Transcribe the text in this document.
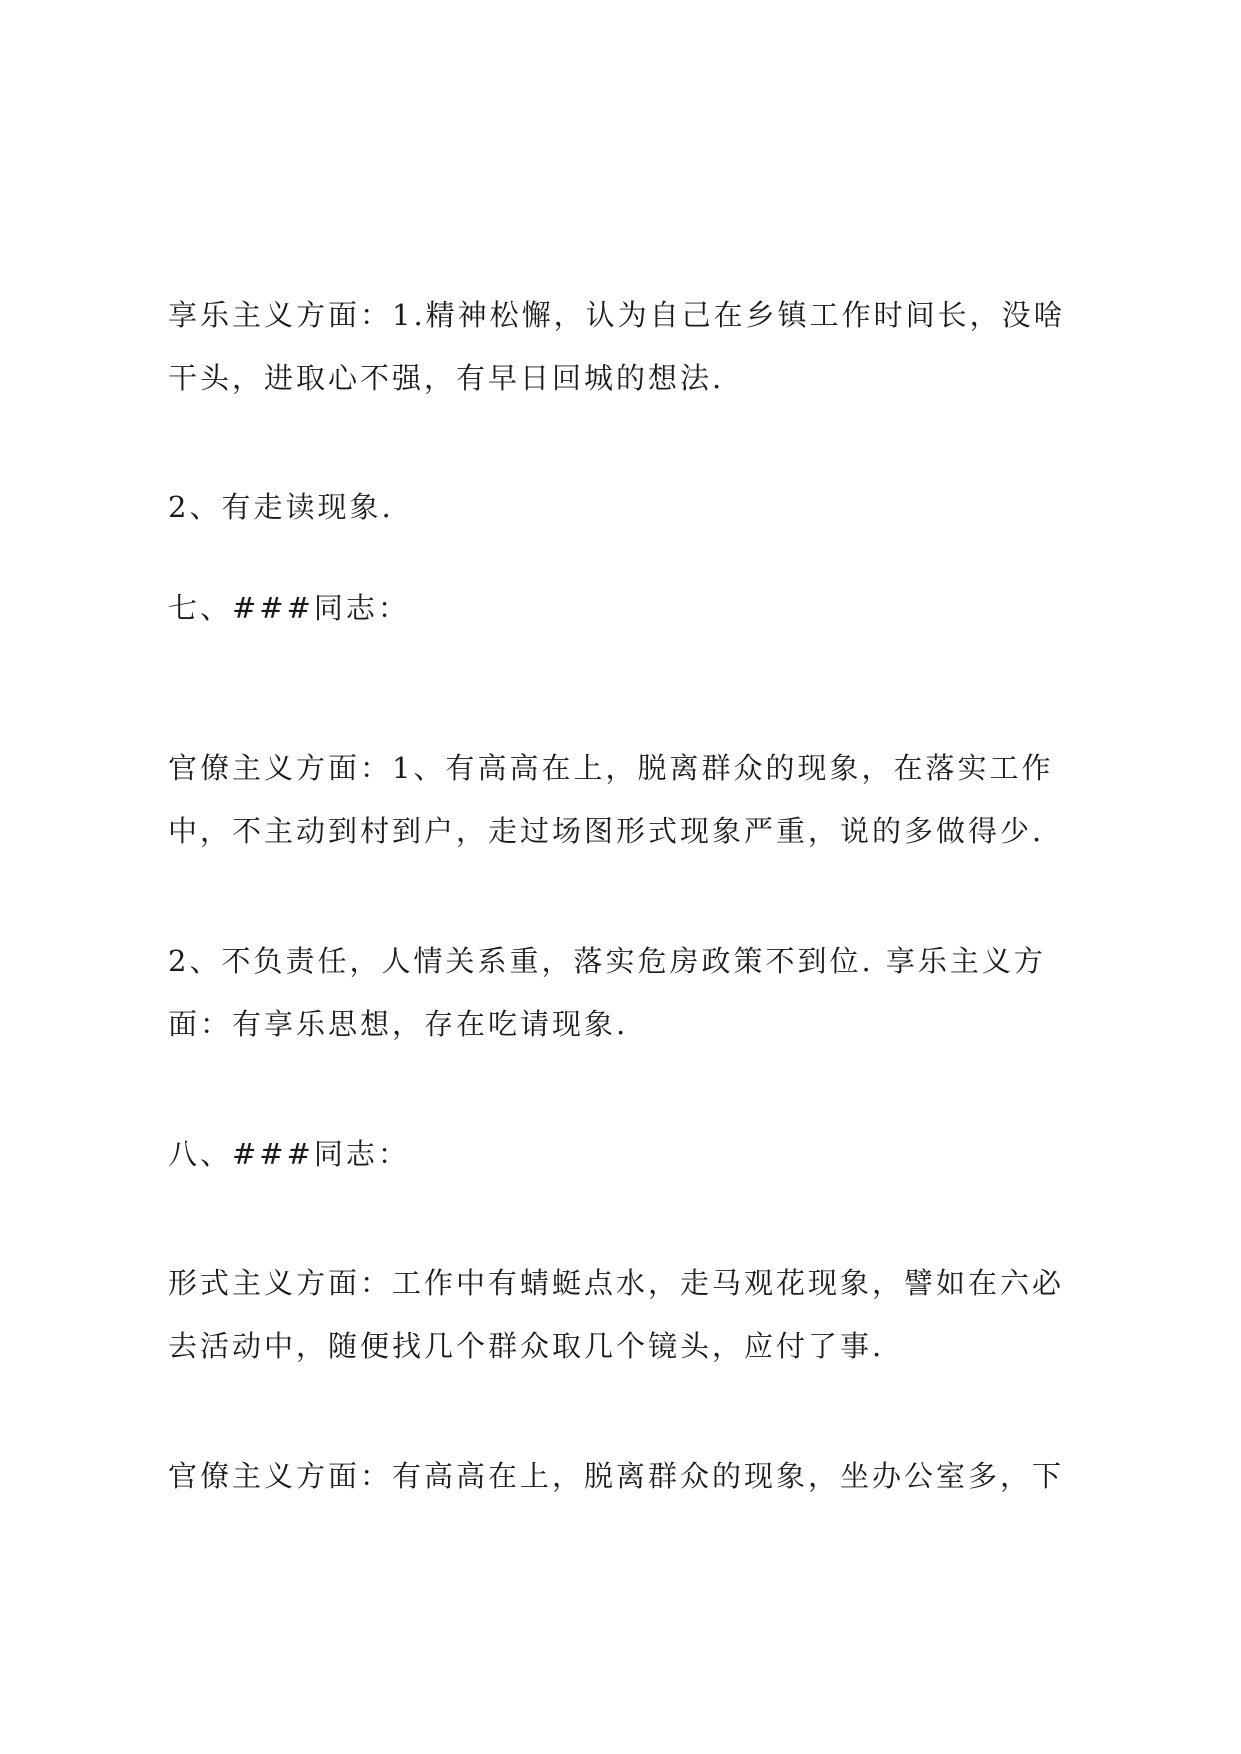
享乐主义方面：1.精神松懈，认为自己在乡镇工作时间长，没啥
干头，进取心不强，有早日回城的想法.
2、有走读现象.
七、###同志：
官僚主义方面：1、有高高在上，脱离群众的现象，在落实工作
中，不主动到村到户，走过场图形式现象严重，说的多做得少.
2、不负责任，人情关系重，落实危房政策不到位. 享乐主义方
面：有享乐思想，存在吃请现象.
八、###同志：
形式主义方面：工作中有蜻蜓点水，走马观花现象，譬如在六必
去活动中，随便找几个群众取几个镜头，应付了事.
官僚主义方面：有高高在上，脱离群众的现象，坐办公室多，下
